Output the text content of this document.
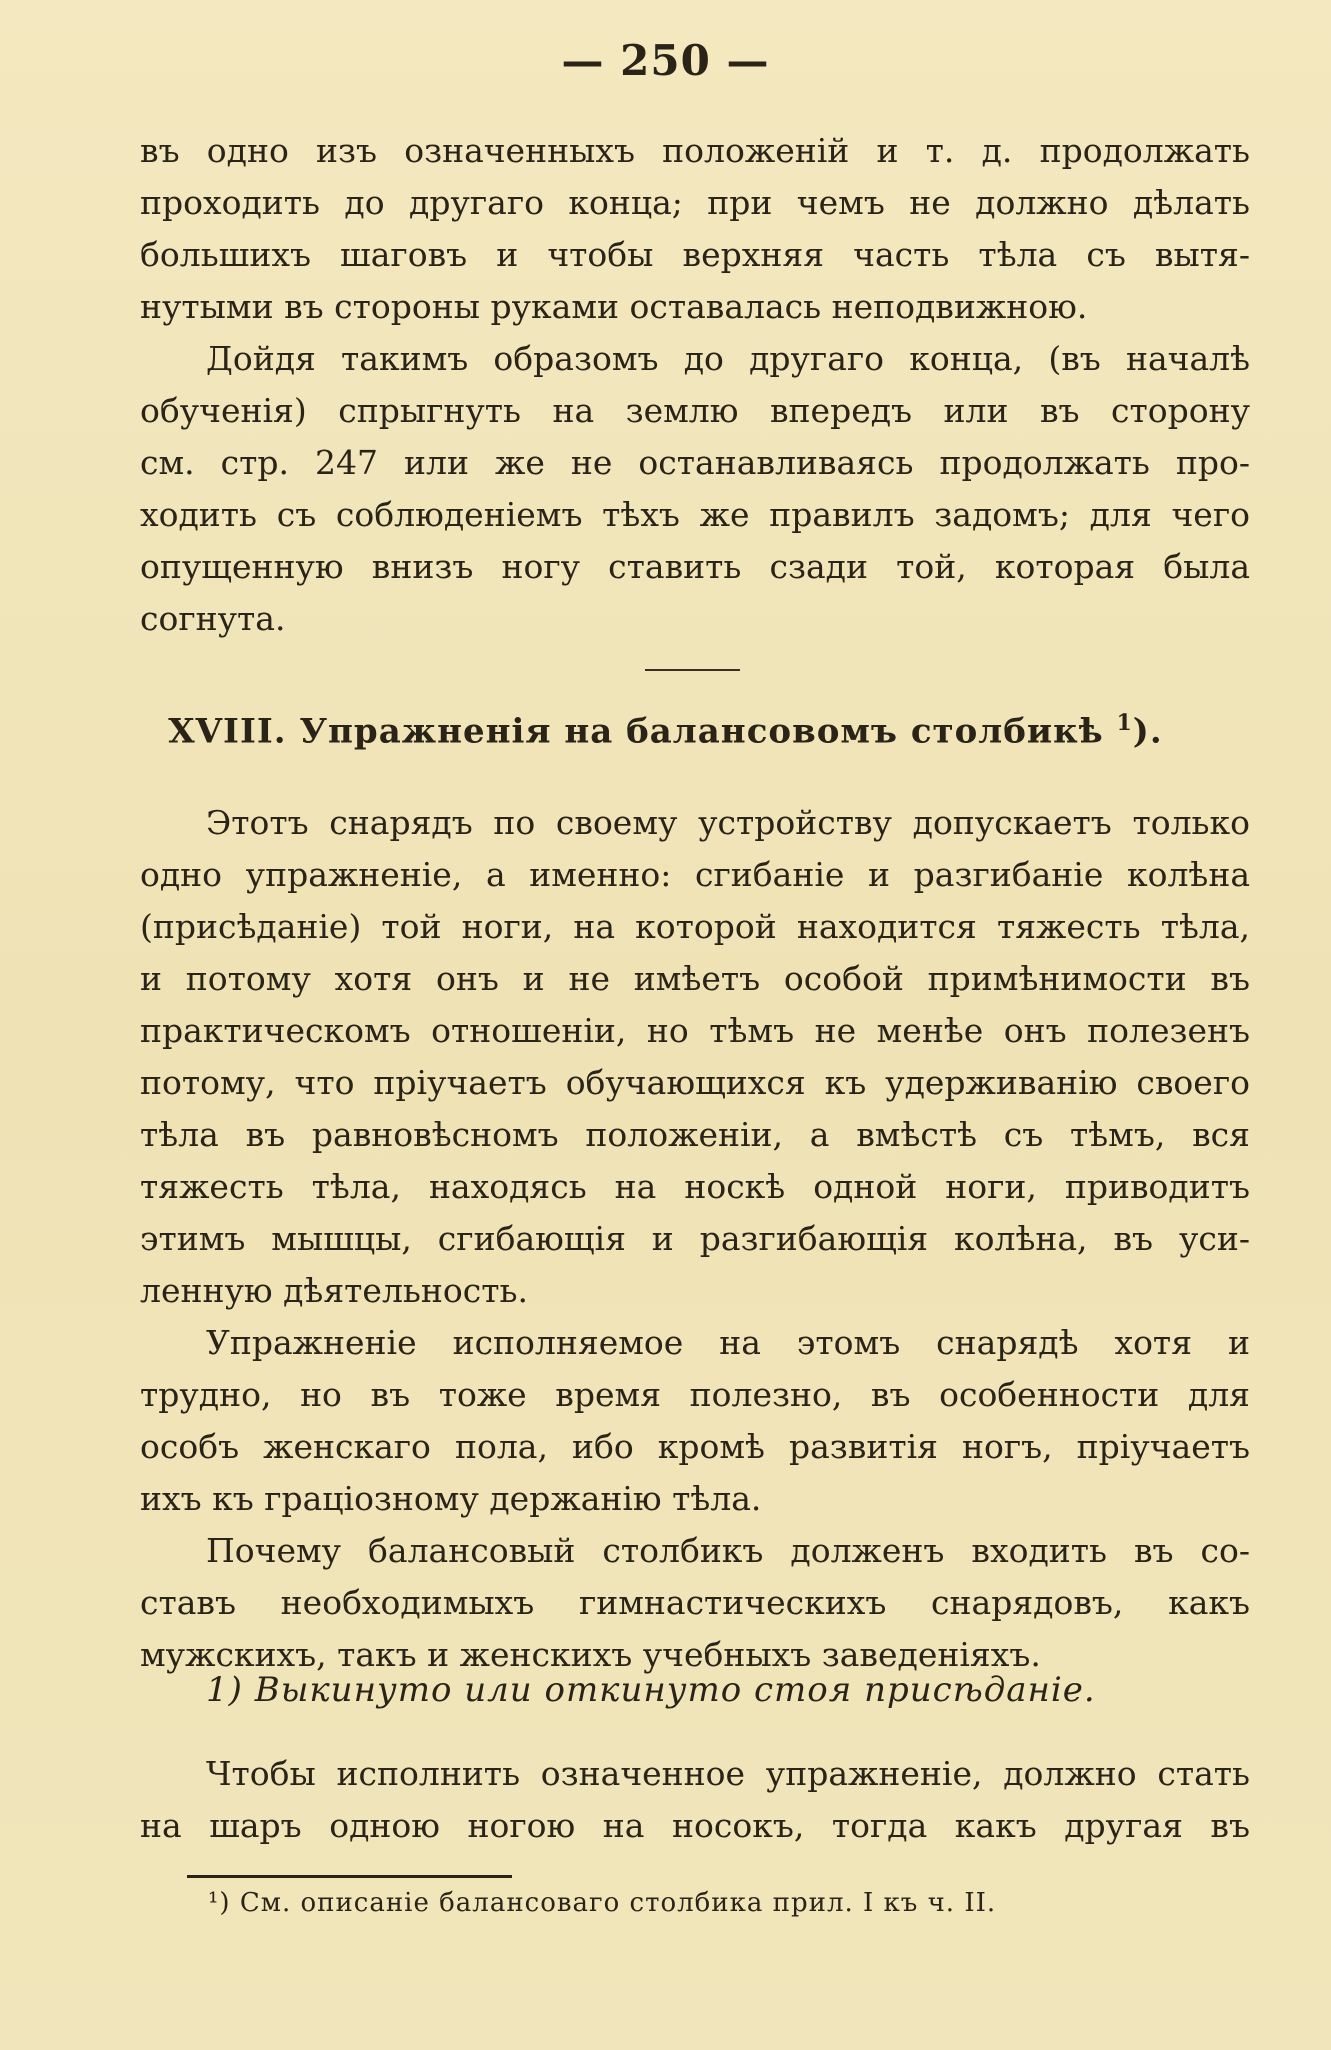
— 250 —
въ одно изъ означенныхъ положеній и т. д. продолжать
проходить до другаго конца; при чемъ не должно дѣлать
большихъ шаговъ и чтобы верхняя часть тѣла съ вытя-
нутыми въ стороны руками оставалась неподвижною.
Дойдя такимъ образомъ до другаго конца, (въ началѣ
обученія) спрыгнуть на землю впередъ или въ сторону
см. стр. 247 или же не останавливаясь продолжать про-
ходить съ соблюденіемъ тѣхъ же правилъ задомъ; для чего
опущенную внизъ ногу ставить сзади той, которая была
согнута.
XVIII. Упражненія на балансовомъ столбикѣ $^1$).
Этотъ снарядъ по своему устройству допускаетъ только
одно упражненіе, а именно: сгибаніе и разгибаніе колѣна
(присѣданіе) той ноги, на которой находится тяжесть тѣла,
и потому хотя онъ и не имѣетъ особой примѣнимости въ
практическомъ отношеніи, но тѣмъ не менѣе онъ полезенъ
потому, что пріучаетъ обучающихся къ удерживанію своего
тѣла въ равновѣсномъ положеніи, а вмѣстѣ съ тѣмъ, вся
тяжесть тѣла, находясь на носкѣ одной ноги, приводитъ
этимъ мышцы, сгибающія и разгибающія колѣна, въ уси-
ленную дѣятельность.
Упражненіе исполняемое на этомъ снарядѣ хотя и
трудно, но въ тоже время полезно, въ особенности для
особъ женскаго пола, ибо кромѣ развитія ногъ, пріучаетъ
ихъ къ граціозному держанію тѣла.
Почему балансовый столбикъ долженъ входить въ со-
ставъ необходимыхъ гимнастическихъ снарядовъ, какъ
мужскихъ, такъ и женскихъ учебныхъ заведеніяхъ.
1) Выкинуто или откинуто стоя присѣданіе.
Чтобы исполнить означенное упражненіе, должно стать
на шаръ одною ногою на носокъ, тогда какъ другая въ
¹) См. описаніе балансоваго столбика прил. I къ ч. II.
